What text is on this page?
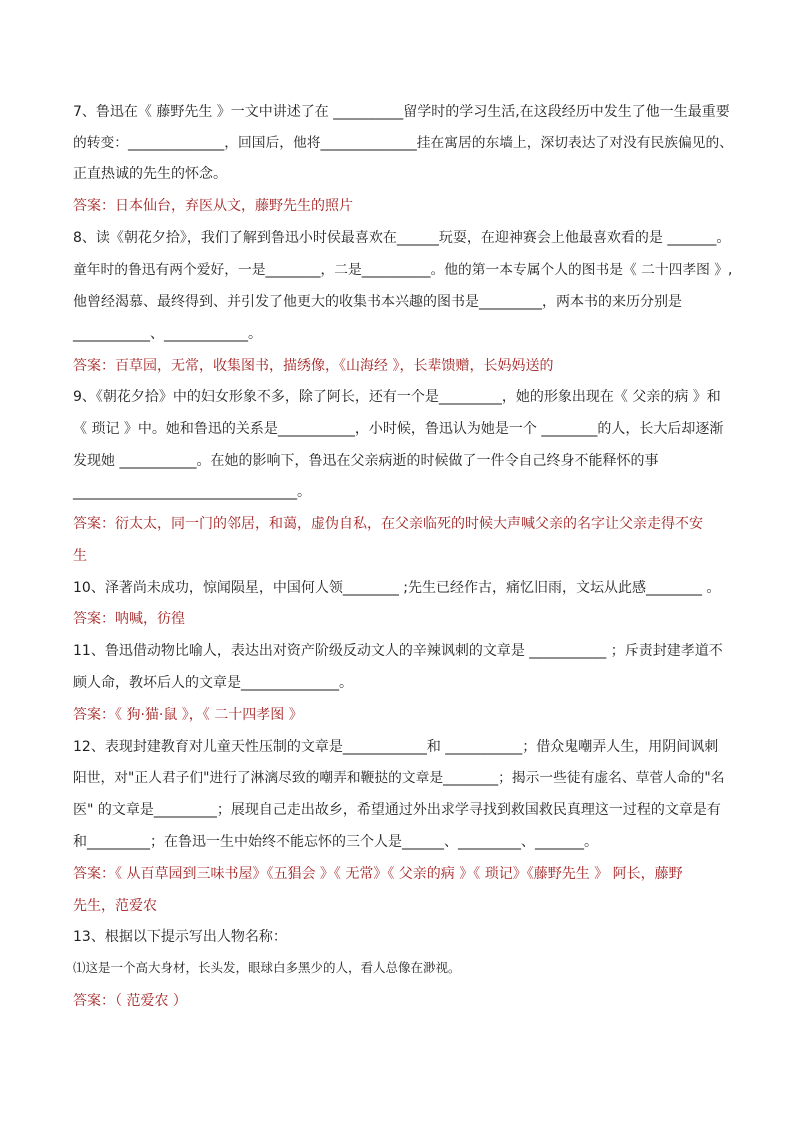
7、鲁迅在《 藤野先生 》一文中讲述了在 __________留学时的学习生活,在这段经历中发生了他一生最重要
的转变：______________，回国后，他将______________挂在寓居的东墙上，深切表达了对没有民族偏见的、
正直热诚的先生的怀念。
答案：日本仙台，弃医从文，藤野先生的照片
8、读《朝花夕拾》，我们了解到鲁迅小时侯最喜欢在______玩耍，在迎神赛会上他最喜欢看的是 _______。
童年时的鲁迅有两个爱好，一是________，二是__________。他的第一本专属个人的图书是《 二十四孝图 》,
他曾经渴慕、最终得到、并引发了他更大的收集书本兴趣的图书是_________，两本书的来历分别是
___________、____________。
答案：百草园，无常，收集图书，描绣像，《山海经 》，长辈馈赠，长妈妈送的
9、《朝花夕拾》中的妇女形象不多，除了阿长，还有一个是_________，她的形象出现在《 父亲的病 》和
《 琐记 》中。她和鲁迅的关系是___________，小时候，鲁迅认为她是一个 ________的人，长大后却逐渐
发现她 ___________。在她的影响下，鲁迅在父亲病逝的时候做了一件令自己终身不能释怀的事
________________________________。
答案：衍太太，同一门的邻居，和蔼，虚伪自私，在父亲临死的时候大声喊父亲的名字让父亲走得不安
生
10、泽著尚未成功，惊闻陨星，中国何人领________ ;先生已经作古，痛忆旧雨，文坛从此感________ 。
答案：呐喊，彷徨
11、鲁迅借动物比喻人，表达出对资产阶级反动文人的辛辣讽刺的文章是 ___________ ；斥责封建孝道不
顾人命，教坏后人的文章是______________。
答案：《 狗·猫·鼠 》，《 二十四孝图 》
12、表现封建教育对儿童天性压制的文章是____________和 ___________；借众鬼嘲弄人生，用阴间讽刺
阳世，对"正人君子们"进行了淋漓尽致的嘲弄和鞭挞的文章是________；揭示一些徒有虚名、草菅人命的"名
医" 的文章是_________；展现自己走出故乡，希望通过外出求学寻找到救国救民真理这一过程的文章是有
和_________；在鲁迅一生中始终不能忘怀的三个人是______、_________、_______。
答案：《 从百草园到三味书屋》《五猖会 》《 无常》《 父亲的病 》《 琐记》《藤野先生 》 阿长，藤野
先生，范爱农
13、根据以下提示写出人物名称：
⑴这是一个高大身材，长头发，眼球白多黑少的人，看人总像在渺视。
答案：（ 范爱农 ）
